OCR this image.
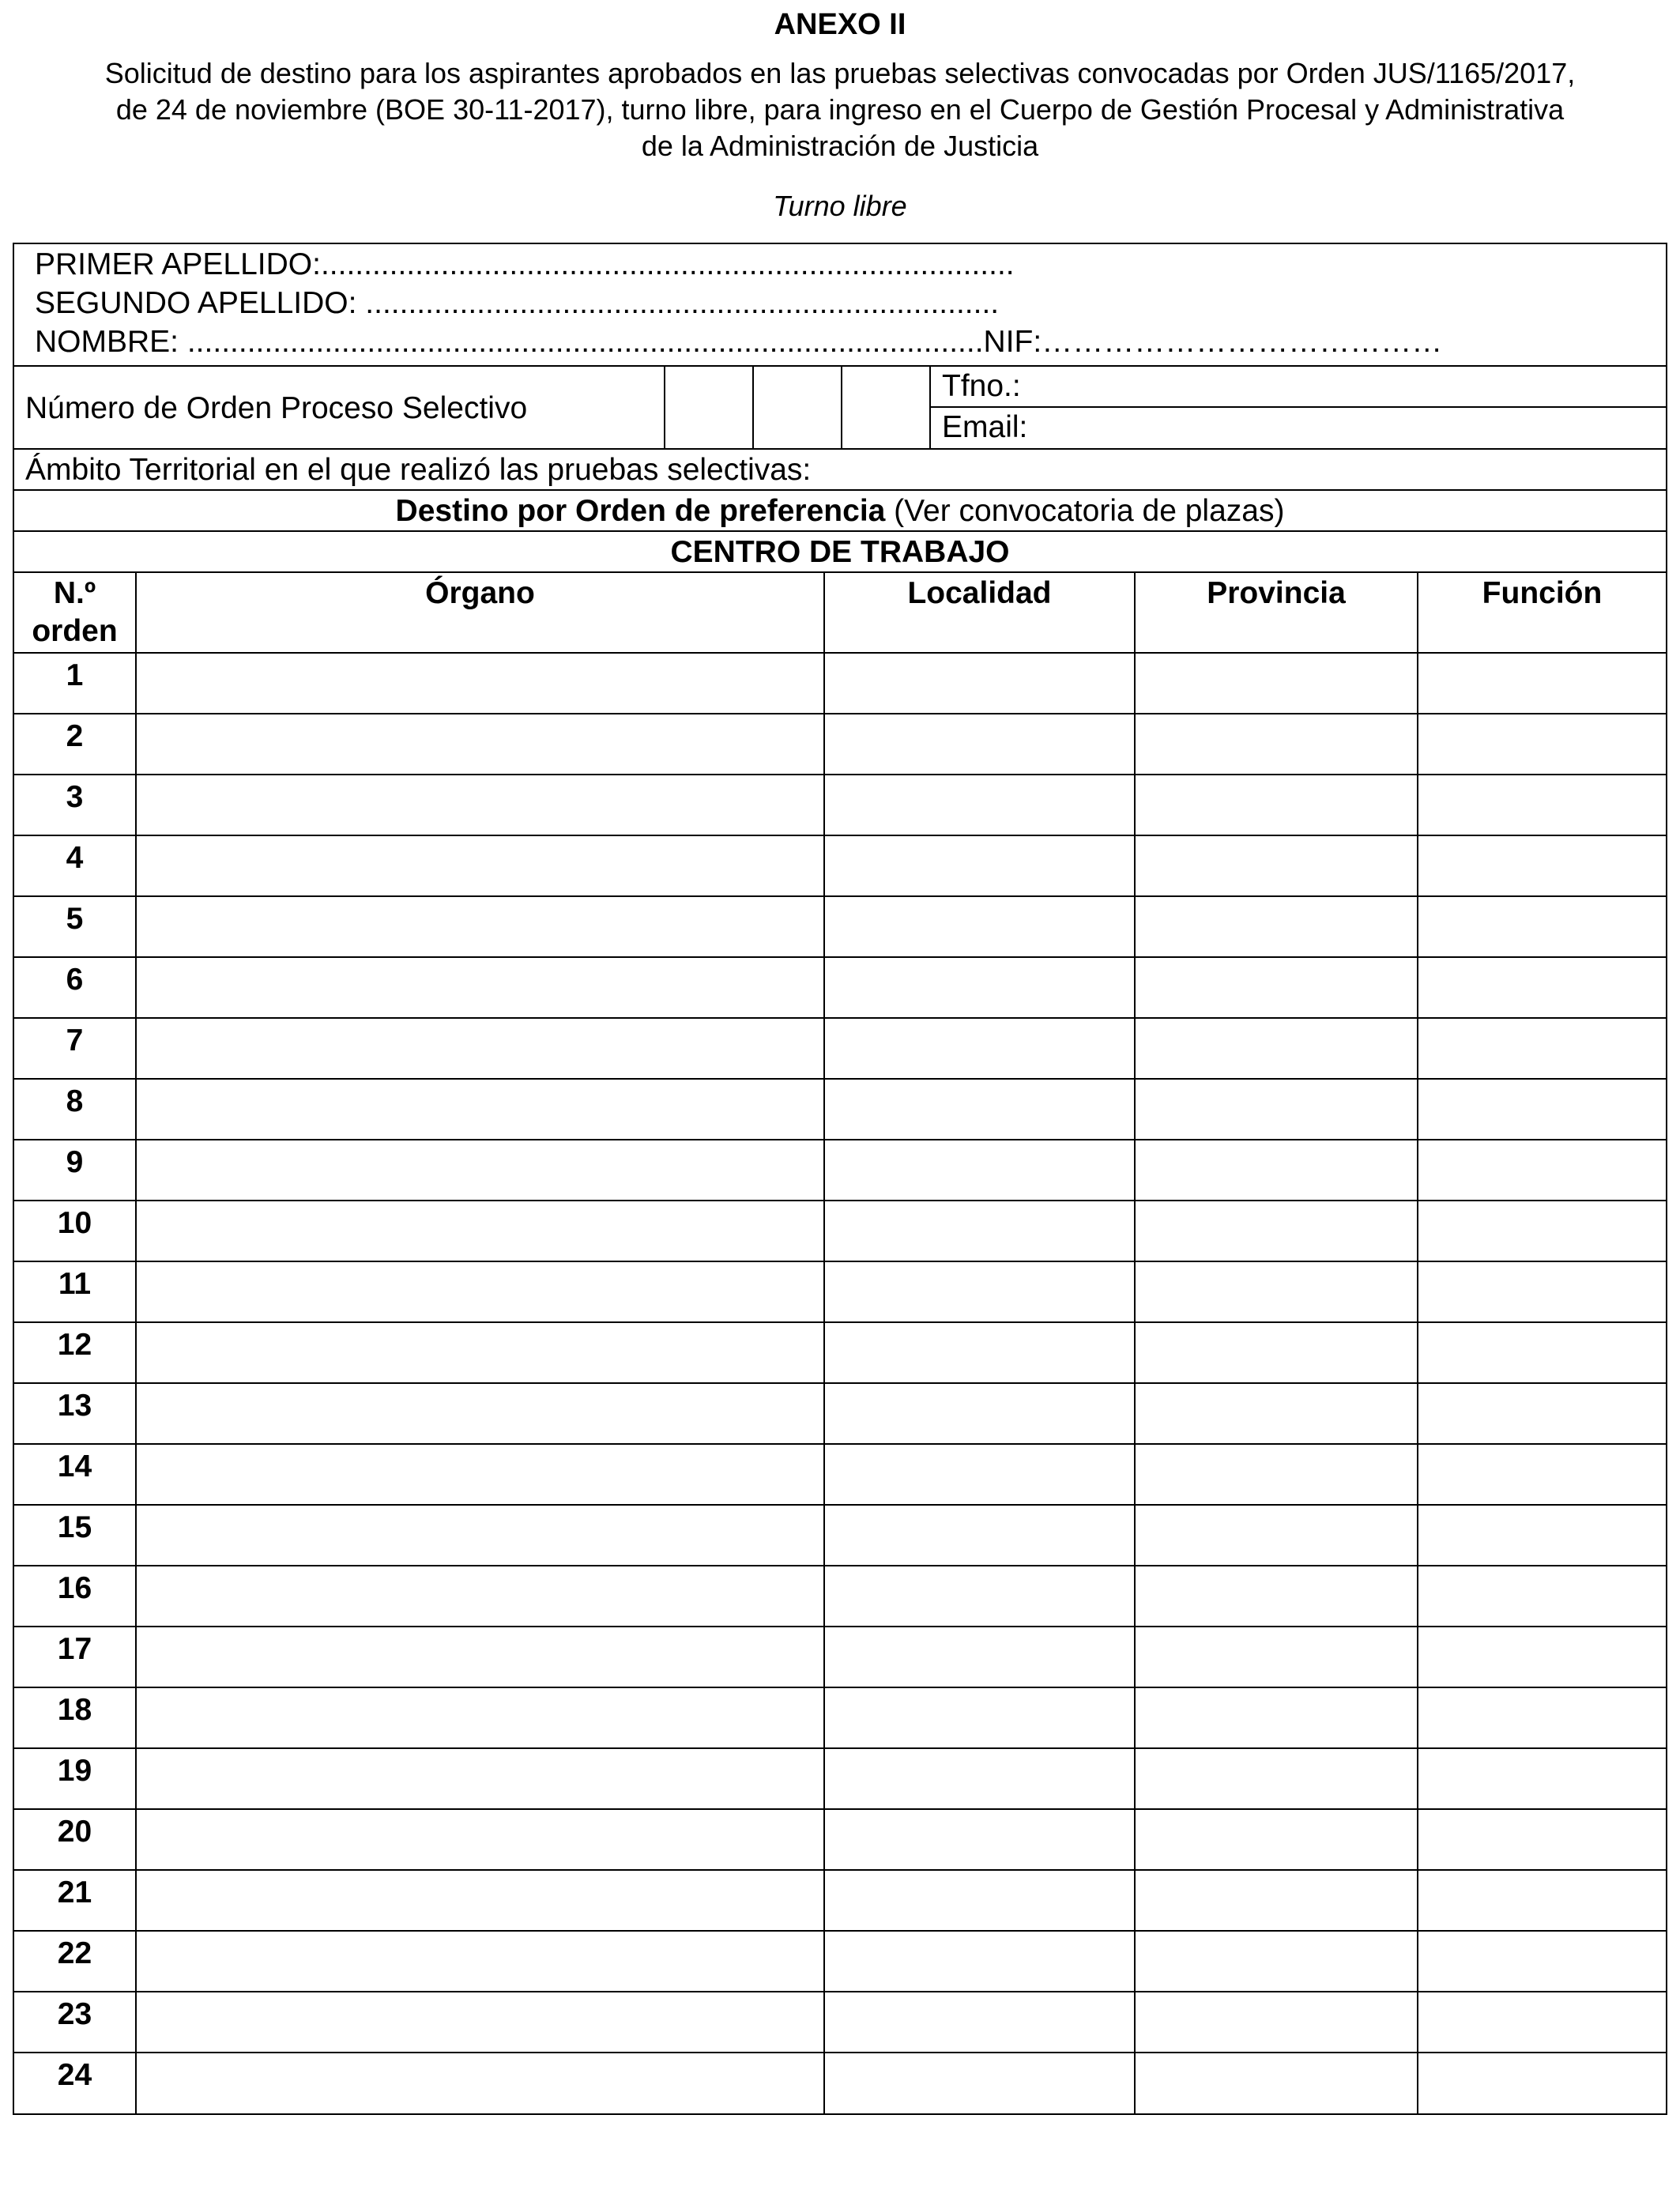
ANEXO II
Solicitud de destino para los aspirantes aprobados en las pruebas selectivas convocadas por Orden JUS/1165/2017,
de 24 de noviembre (BOE 30-11-2017), turno libre, para ingreso en el Cuerpo de Gestión Procesal y Administrativa
de la Administración de Justicia
Turno libre
PRIMER APELLIDO:.................................................................................
SEGUNDO APELLIDO: ..........................................................................
NOMBRE: .............................................................................................NIF:…………………………………
Número de Orden Proceso Selectivo
Tfno.:
Email:
Ámbito Territorial en el que realizó las pruebas selectivas:
Destino por Orden de preferencia (Ver convocatoria de plazas)
CENTRO DE TRABAJO
N.º
orden	Órgano	Localidad	Provincia	Función
1				
2				
3				
4				
5				
6				
7				
8				
9				
10				
11				
12				
13				
14				
15				
16				
17				
18				
19				
20				
21				
22				
23				
24				
